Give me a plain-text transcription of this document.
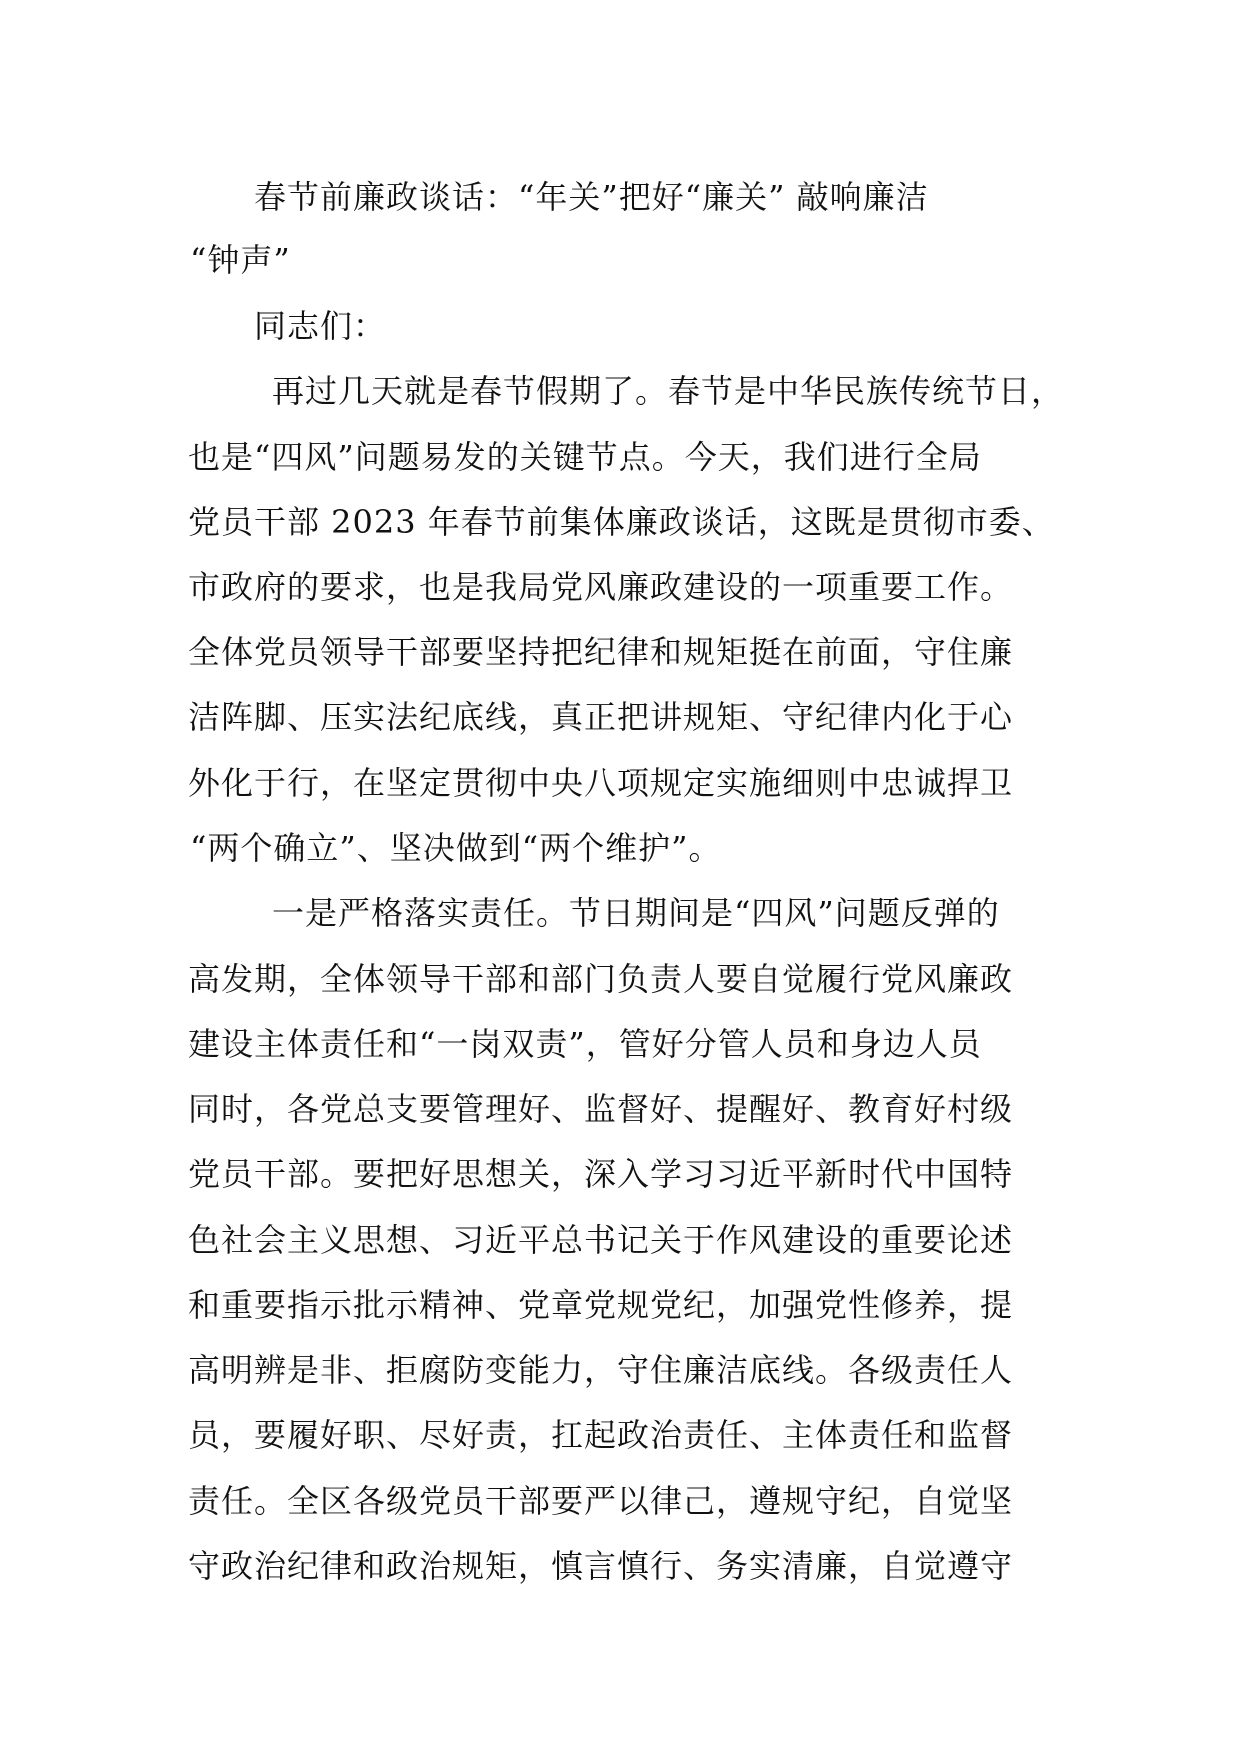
春节前廉政谈话：“年关”把好“廉关” 敲响廉洁
“钟声”
同志们：
再过几天就是春节假期了。春节是中华民族传统节日，
也是“四风”问题易发的关键节点。今天，我们进行全局
党员干部 2023 年春节前集体廉政谈话，这既是贯彻市委、
市政府的要求，也是我局党风廉政建设的一项重要工作。
全体党员领导干部要坚持把纪律和规矩挺在前面，守住廉
洁阵脚、压实法纪底线，真正把讲规矩、守纪律内化于心
外化于行，在坚定贯彻中央八项规定实施细则中忠诚捍卫
“两个确立”、坚决做到“两个维护”。
一是严格落实责任。节日期间是“四风”问题反弹的
高发期，全体领导干部和部门负责人要自觉履行党风廉政
建设主体责任和“一岗双责”，管好分管人员和身边人员
同时，各党总支要管理好、监督好、提醒好、教育好村级
党员干部。要把好思想关，深入学习习近平新时代中国特
色社会主义思想、习近平总书记关于作风建设的重要论述
和重要指示批示精神、党章党规党纪，加强党性修养，提
高明辨是非、拒腐防变能力，守住廉洁底线。各级责任人
员，要履好职、尽好责，扛起政治责任、主体责任和监督
责任。全区各级党员干部要严以律己，遵规守纪，自觉坚
守政治纪律和政治规矩，慎言慎行、务实清廉，自觉遵守
